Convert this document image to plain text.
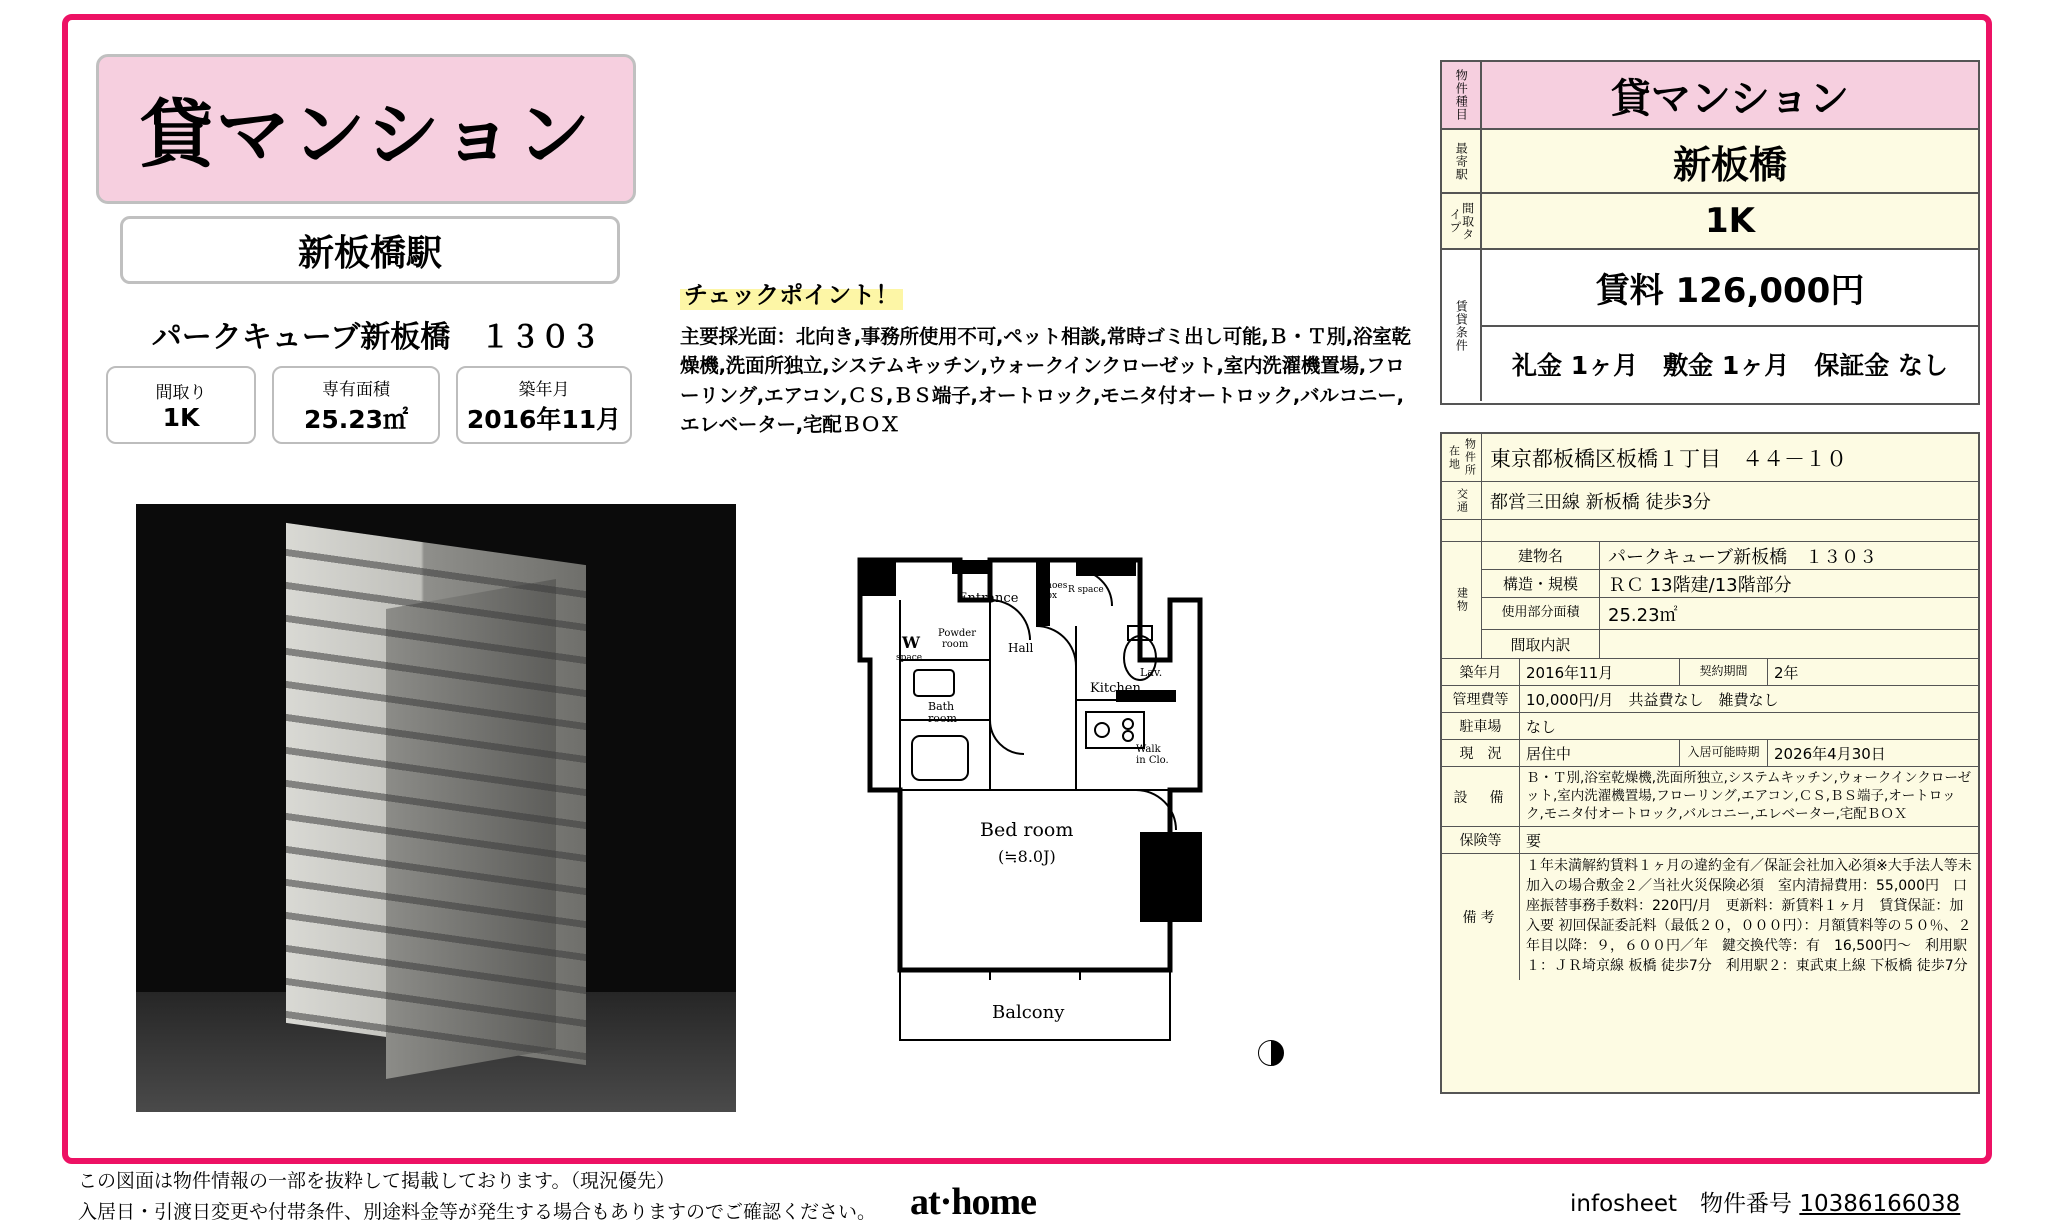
貸マンション
新板橋駅
パークキューブ新板橋　１３０３
間取り
1K
専有面積
25.23㎡
築年月
2016年11月
チェックポイント！
主要採光面：北向き,事務所使用不可,ペット相談,常時ゴミ出し可能,Ｂ・Ｔ別,浴室乾燥機,洗面所独立,システムキッチン,ウォークインクローゼット,室内洗濯機置場,フローリング,エアコン,ＣＳ,ＢＳ端子,オートロック,モニタ付オートロック,バルコニー,エレベーター,宅配ＢＯＸ
MB
Entrance
Shoes
Box
R space
W
space
Powder
room	Hall
Lav.
Kitchen
Bath
room
Walk
in Clo.
Bed room
(≒8.0J)
Balcony
物件種目	貸マンション
最寄駅	新板橋
間取タイプ	1K
賃貸条件
賃料 126,000円
礼金 1ヶ月　敷金 1ヶ月　保証金 なし
物件所在地	東京都板橋区板橋１丁目　４４－１０
交通	都営三田線 新板橋 徒歩3分
建物
建物名	パークキューブ新板橋　１３０３
構造・規模	ＲＣ 13階建/13階部分
使用部分面積	25.23㎡
間取内訳
築年月	2016年11月	契約期間	2年
管理費等	10,000円/月　共益費なし　雑費なし
駐車場	なし
現　況	居住中	入居可能時期 2026年4月30日
設　備
Ｂ・Ｔ別,浴室乾燥機,洗面所独立,システムキッチン,ウォークインクローゼット,室内洗濯機置場,フローリング,エアコン,ＣＳ,ＢＳ端子,オートロック,モニタ付オートロック,バルコニー,エレベーター,宅配ＢＯＸ
保険等	要
備考
１年未満解約賃料１ヶ月の違約金有／保証会社加入必須※大手法人等未加入の場合敷金２／当社火災保険必須　室内清掃費用：55,000円　口座振替事務手数料：220円/月　更新料：新賃料１ヶ月　賃貸保証：加入要 初回保証委託料（最低２０，０００円）：月額賃料等の５０％、２年目以降：９，６００円／年　鍵交換代等：有　16,500円～　利用駅１：ＪＲ埼京線 板橋 徒歩7分　利用駅２：東武東上線 下板橋 徒歩7分
この図面は物件情報の一部を抜粋して掲載しております。（現況優先）
入居日・引渡日変更や付帯条件、別途料金等が発生する場合もありますのでご確認ください。 at·home	infosheet　物件番号 10386166038
